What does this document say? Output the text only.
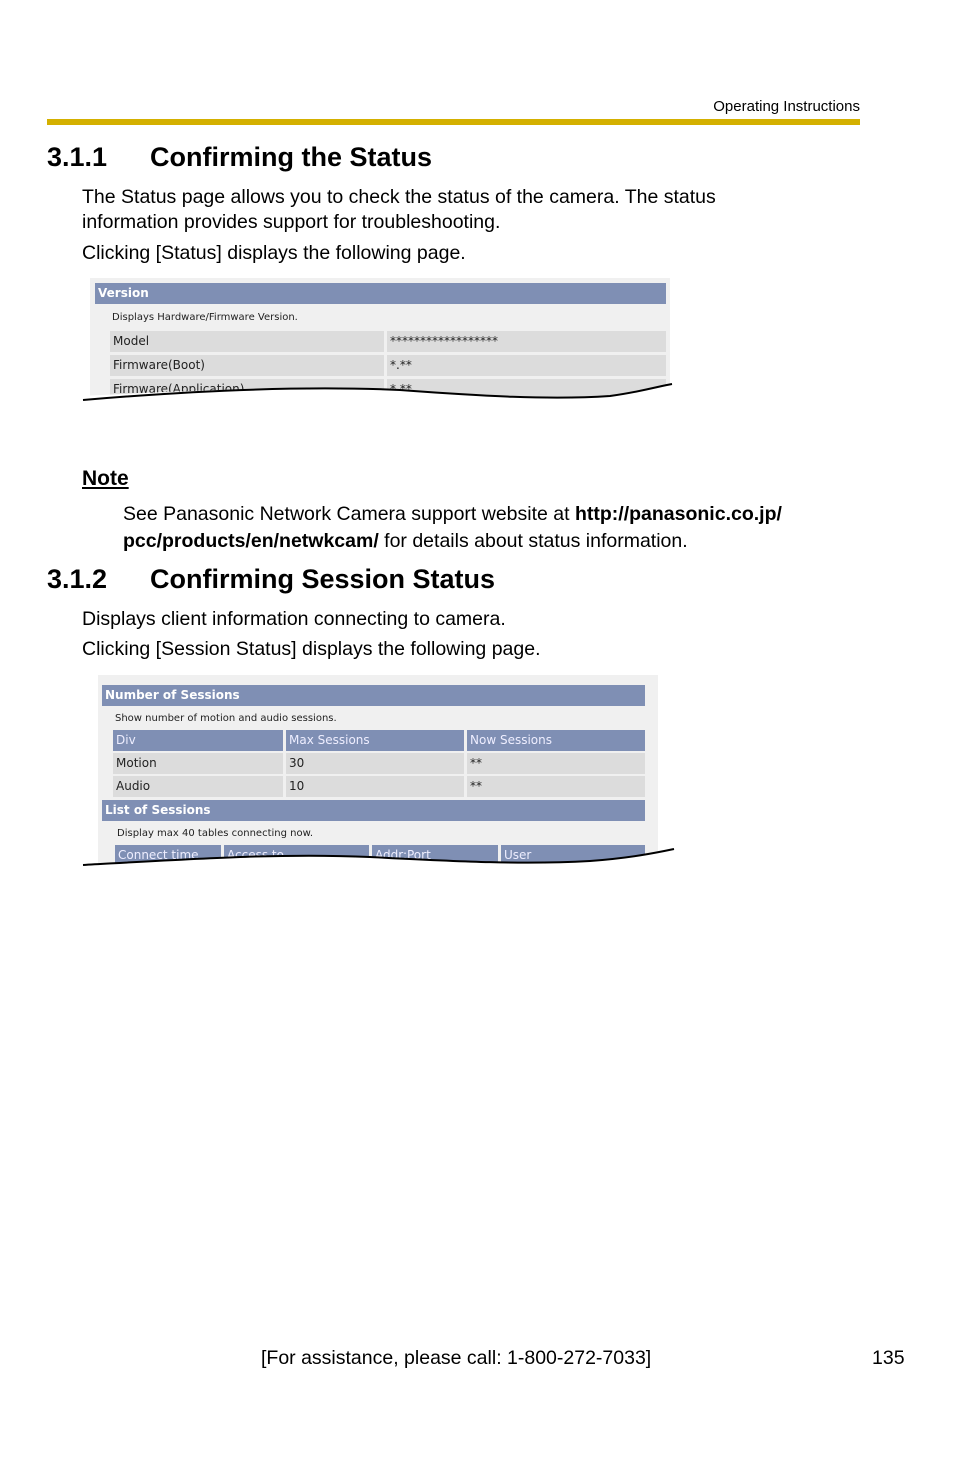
Operating Instructions
3.1.1 Confirming the Status
The Status page allows you to check the status of the camera. The status
information provides support for troubleshooting.
Clicking [Status] displays the following page.
Version
Displays Hardware/Firmware Version.
Model	******************
Firmware(Boot)	*.**
Firmware(Application)	*.**
Note
See Panasonic Network Camera support website at http://panasonic.co.jp/
pcc/products/en/netwkcam/ for details about status information.
3.1.2 Confirming Session Status
Displays client information connecting to camera.
Clicking [Session Status] displays the following page.
Number of Sessions
Show number of motion and audio sessions.
Div	Max Sessions	Now Sessions
Motion	30	**
Audio	10	**
List of Sessions
Display max 40 tables connecting now.
Connect time	Access to	Addr:Port	User
[For assistance, please call: 1-800-272-7033]	135
